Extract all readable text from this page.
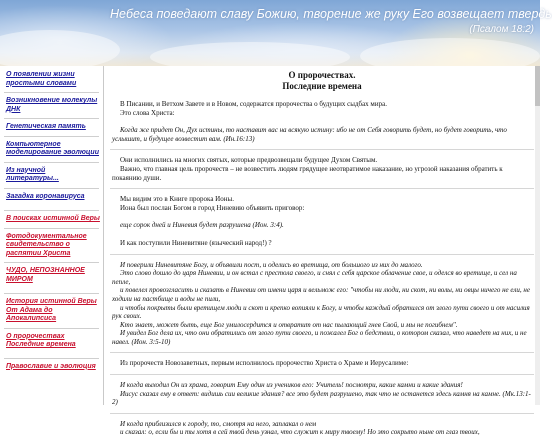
Небеса поведают славу Божию, творение же руку Его возвещает твердь
(Псалом 18:2)
О появлении жизни простыми словами
Возникновение молекулы ДНК
Генетическая память
Компьютерное моделирование эволюции
Из научной литературы...
Загадка коронавируса
В поисках истинной Веры
Фотодокументальное свидетельство о распятии Христа
ЧУДО, НЕПОЗНАННОЕ МИРОМ
История истинной Веры От Адама до Апокалипсиса
О пророчествах Последние времена
Православие и эволюция
О пророчествах.
Последние времена

В Писании, и Ветхом Завете и в Новом, содержатся пророчества о будущих сыдбах мира.

Это слова Христа:

Когда же придет Он, Дух истины, то наставит вас на всякую истину: ибо не от Себя говорить будет, но будет говорить, что услышит, и будущее возвестит вам. (Ин.16:13)

Они исполнились на многих святых, которые предвозвещали будущее Духом Святым.

Важно, что главная цель пророчеств – не возвестить людям грядущее неотвратимое наказание, но угрозой наказания обратить к покаянию души.

Мы видим это в Книге пророка Ионы.

Иона был послан Богом в город Ниневию объявить приговор:

еще сорок дней и Ниневия будет разрушена (Ион. 3:4).

И как поступили Ниневитяне (языческий народ!) ?

И поверили Ниневитяне Богу, и объявили пост, и оделись во вретища, от большого из них до малого.

Это слово дошло до царя Ниневии, и он встал с престола своего, и снял с себя царское облачение свое, и оделся во вретище, и сел на пепле,

и повелел провозгласить и сказать в Ниневии от имени царя и вельмож его: "чтобы ни люди, ни скот, ни волы, ни овцы ничего не ели, не ходили на пастбище и воды не пили,

и чтобы покрыты были вретищем люди и скот и крепко вопияли к Богу, и чтобы каждый обратился от злого пути своего и от насилия рук своих.

Кто знает, может быть, еще Бог умилосердится и отвратит от нас пылающий гнев Свой, и мы не погибнем".

И увидел Бог дела их, что они обратились от злого пути своего, и пожалел Бог о бедствии, о котором сказал, что наведет на них, и не навел. (Ион. 3:5-10)

Из пророчеств Новозаветных, первым исполнилось пророчество Христа о Храме и Иерусалиме:

И когда выходил Он из храма, говорит Ему один из учеников его: Учитель! посмотри, какие камни и какие здания!

Иисус сказал ему в ответ: видишь сии великие здания? все это будет разрушено, так что не останется здесь камня на камне. (Мк.13:1-2)

И когда приблизился к городу, то, смотря на него, заплакал о нем

и сказал: о, если бы и ты хотя в сей твой день узнал, что служит к миру твоему! Но это сокрыто ныне от глаз твоих,
